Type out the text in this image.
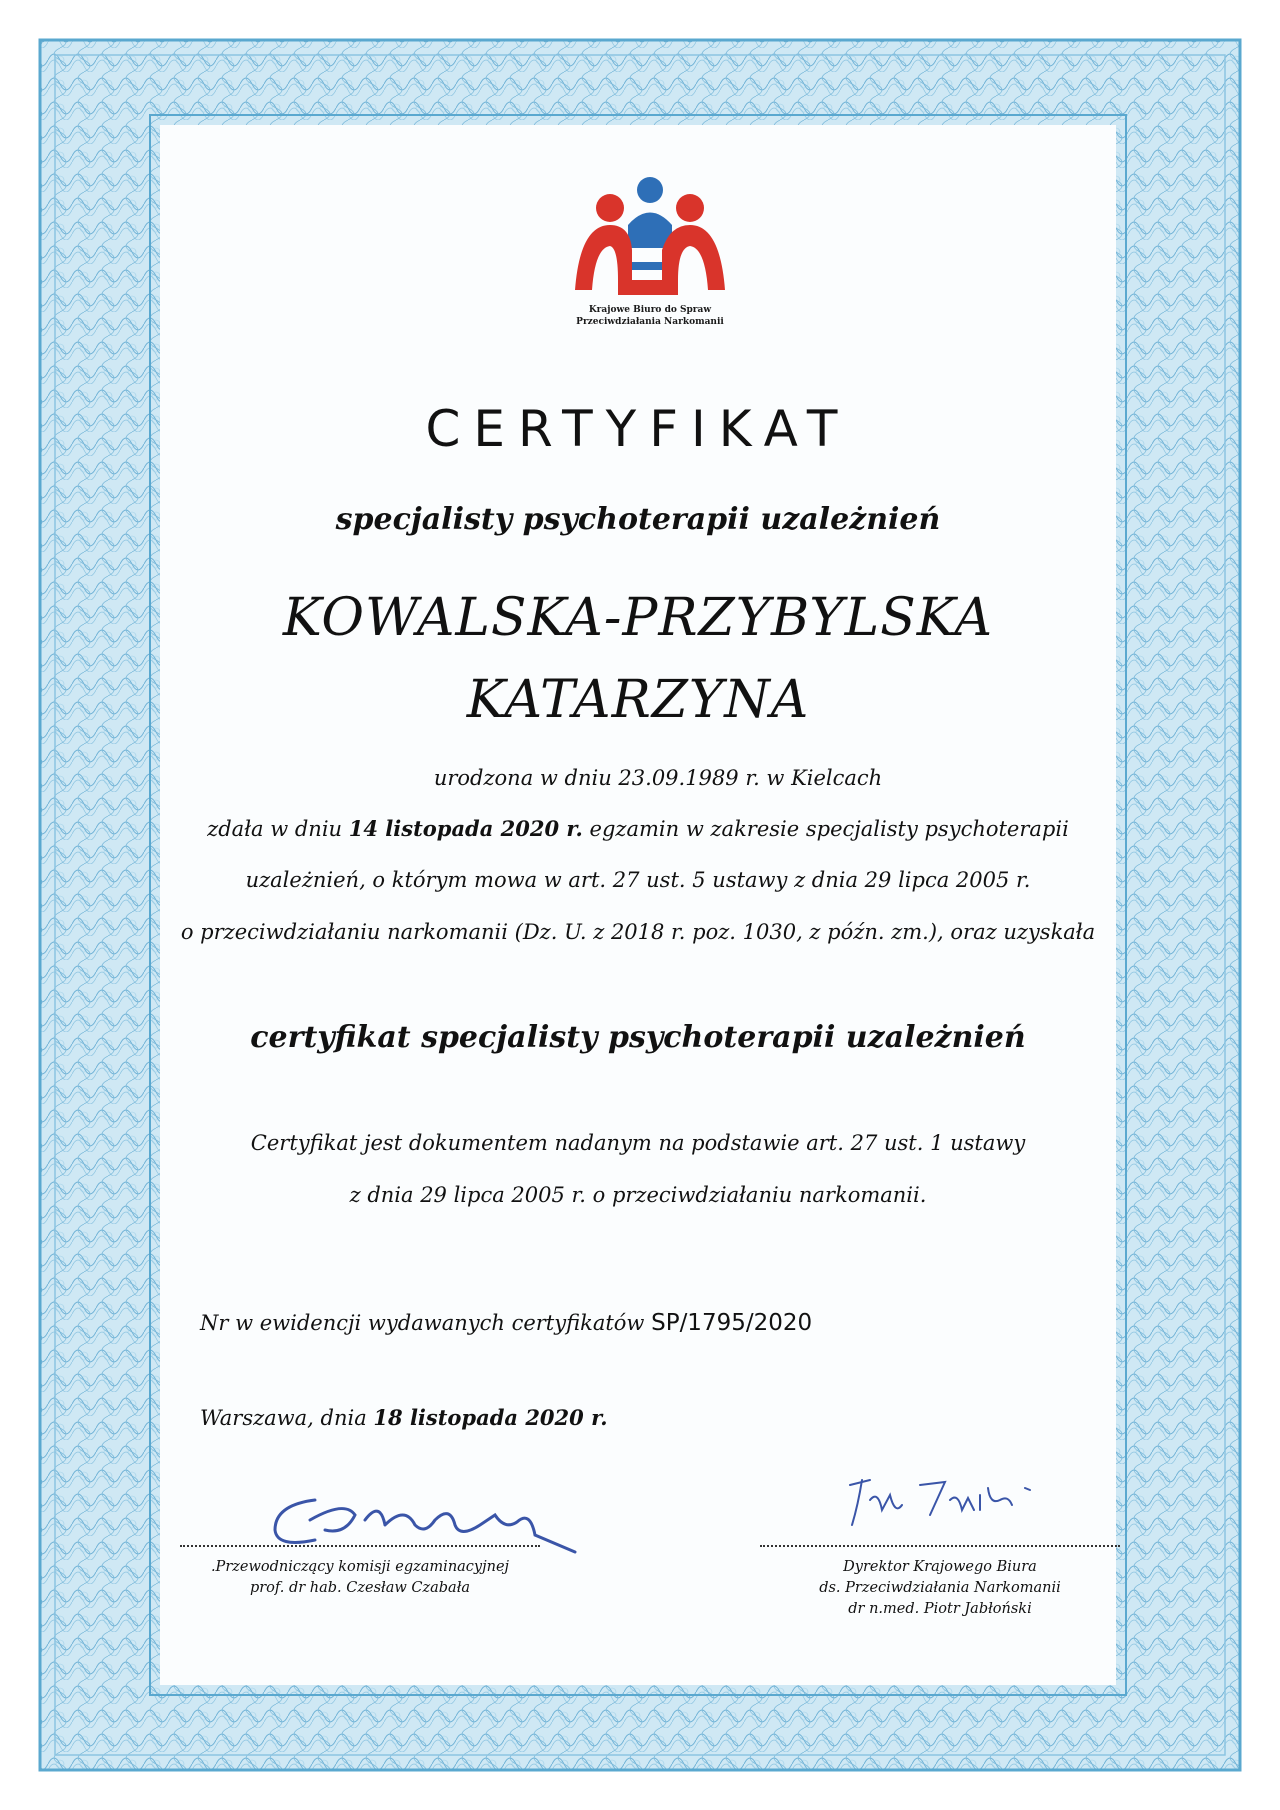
Krajowe Biuro do Spraw
Przeciwdziałania Narkomanii
CERTYFIKAT
specjalisty psychoterapii uzależnień
KOWALSKA-PRZYBYLSKA
KATARZYNA
urodzona w dniu 23.09.1989 r. w Kielcach
zdała w dniu 14 listopada 2020 r. egzamin w zakresie specjalisty psychoterapii
uzależnień, o którym mowa w art. 27 ust. 5 ustawy z dnia 29 lipca 2005 r.
o przeciwdziałaniu narkomanii (Dz. U. z 2018 r. poz. 1030, z późn. zm.), oraz uzyskała
certyfikat specjalisty psychoterapii uzależnień
Certyfikat jest dokumentem nadanym na podstawie art. 27 ust. 1 ustawy
z dnia 29 lipca 2005 r. o przeciwdziałaniu narkomanii.
Nr w ewidencji wydawanych certyfikatów SP/1795/2020
Warszawa, dnia 18 listopada 2020 r.
.Przewodniczący komisji egzaminacyjnej
prof. dr hab. Czesław Czabała
Dyrektor Krajowego Biura
ds. Przeciwdziałania Narkomanii
dr n.med. Piotr Jabłoński
